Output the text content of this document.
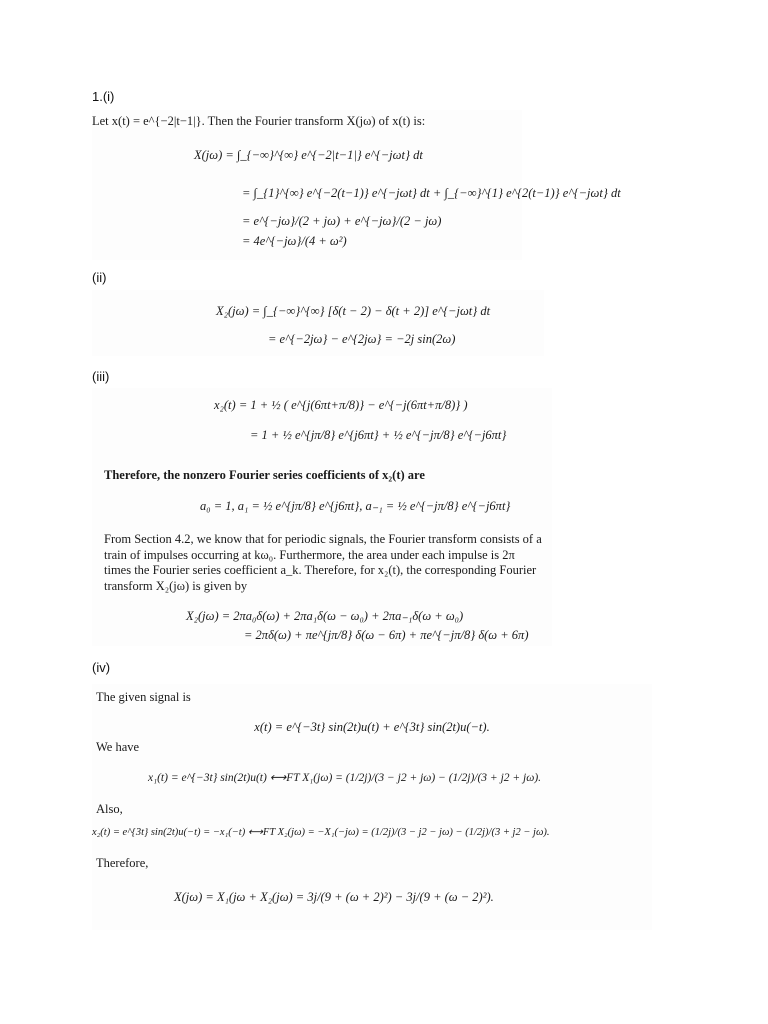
1.(i)
(ii)
(iii)
(iv)
Let x(t) = e^{−2|t−1|}. Then the Fourier transform X(jω) of x(t) is:
X(jω) = ∫_{−∞}^{∞} e^{−2|t−1|} e^{−jωt} dt
= ∫_{1}^{∞} e^{−2(t−1)} e^{−jωt} dt + ∫_{−∞}^{1} e^{2(t−1)} e^{−jωt} dt
= e^{−jω}/(2 + jω) + e^{−jω}/(2 − jω)
= 4e^{−jω}/(4 + ω²)
X₂(jω) = ∫_{−∞}^{∞} [δ(t − 2) − δ(t + 2)] e^{−jωt} dt
= e^{−2jω} − e^{2jω} = −2j sin(2ω)
x₂(t) = 1 + ½ ( e^{j(6πt+π/8)} − e^{−j(6πt+π/8)} )
= 1 + ½ e^{jπ/8} e^{j6πt} + ½ e^{−jπ/8} e^{−j6πt}
Therefore, the nonzero Fourier series coefficients of x₂(t) are
a₀ = 1, a₁ = ½ e^{jπ/8} e^{j6πt}, a₋₁ = ½ e^{−jπ/8} e^{−j6πt}
From Section 4.2, we know that for periodic signals, the Fourier transform consists of a train of impulses occurring at kω₀. Furthermore, the area under each impulse is 2π times the Fourier series coefficient a_k. Therefore, for x₂(t), the corresponding Fourier transform X₂(jω) is given by
X₂(jω) = 2πa₀δ(ω) + 2πa₁δ(ω − ω₀) + 2πa₋₁δ(ω + ω₀)
= 2πδ(ω) + πe^{jπ/8} δ(ω − 6π) + πe^{−jπ/8} δ(ω + 6π)
The given signal is
x(t) = e^{−3t} sin(2t)u(t) + e^{3t} sin(2t)u(−t).
We have
x₁(t) = e^{−3t} sin(2t)u(t) ⟷FT X₁(jω) = (1/2j)/(3 − j2 + jω) − (1/2j)/(3 + j2 + jω).
Also,
x₂(t) = e^{3t} sin(2t)u(−t) = −x₁(−t) ⟷FT X₂(jω) = −X₁(−jω) = (1/2j)/(3 − j2 − jω) − (1/2j)/(3 + j2 − jω).
Therefore,
X(jω) = X₁(jω + X₂(jω) = 3j/(9 + (ω + 2)²) − 3j/(9 + (ω − 2)²).
